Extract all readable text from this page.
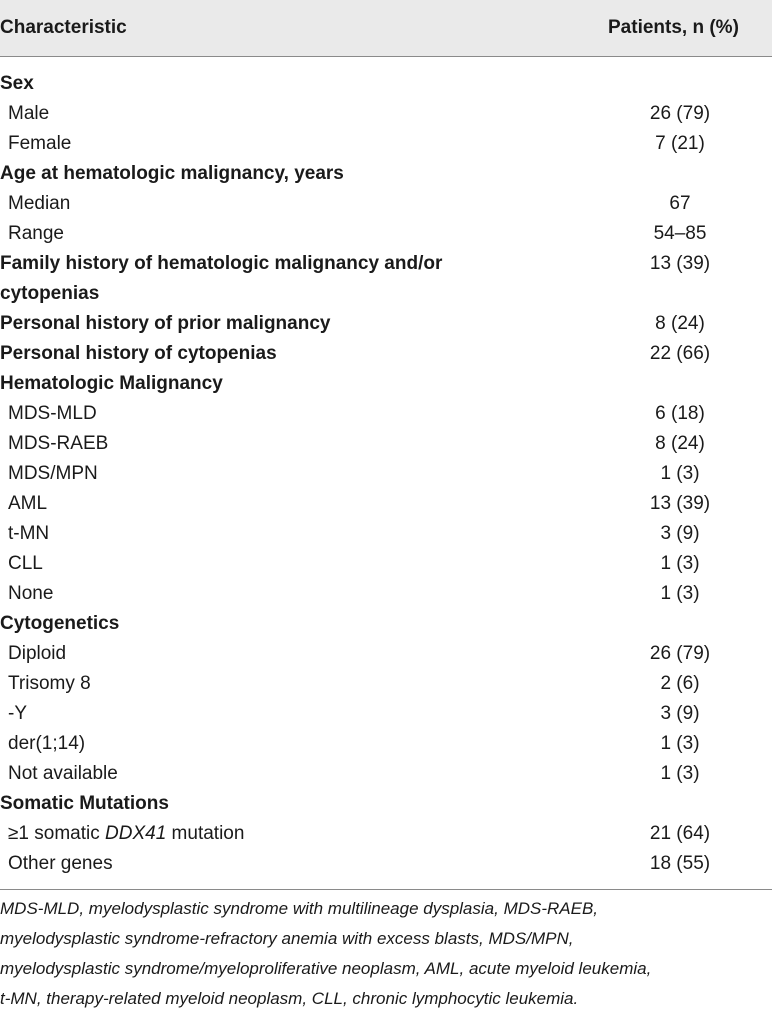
Characteristic	Patients, n (%)
Sex
Male	26 (79)
Female	7 (21)
Age at hematologic malignancy, years
Median	67
Range	54–85
Family history of hematologic malignancy and/or	13 (39)
cytopenias
Personal history of prior malignancy	8 (24)
Personal history of cytopenias	22 (66)
Hematologic Malignancy
MDS-MLD	6 (18)
MDS-RAEB	8 (24)
MDS/MPN	1 (3)
AML	13 (39)
t-MN	3 (9)
CLL	1 (3)
None	1 (3)
Cytogenetics
Diploid	26 (79)
Trisomy 8	2 (6)
-Y	3 (9)
der(1;14)	1 (3)
Not available	1 (3)
Somatic Mutations
≥1 somatic DDX41 mutation	21 (64)
Other genes	18 (55)
MDS-MLD, myelodysplastic syndrome with multilineage dysplasia, MDS-RAEB,
myelodysplastic syndrome-refractory anemia with excess blasts, MDS/MPN,
myelodysplastic syndrome/myeloproliferative neoplasm, AML, acute myeloid leukemia,
t-MN, therapy-related myeloid neoplasm, CLL, chronic lymphocytic leukemia.
